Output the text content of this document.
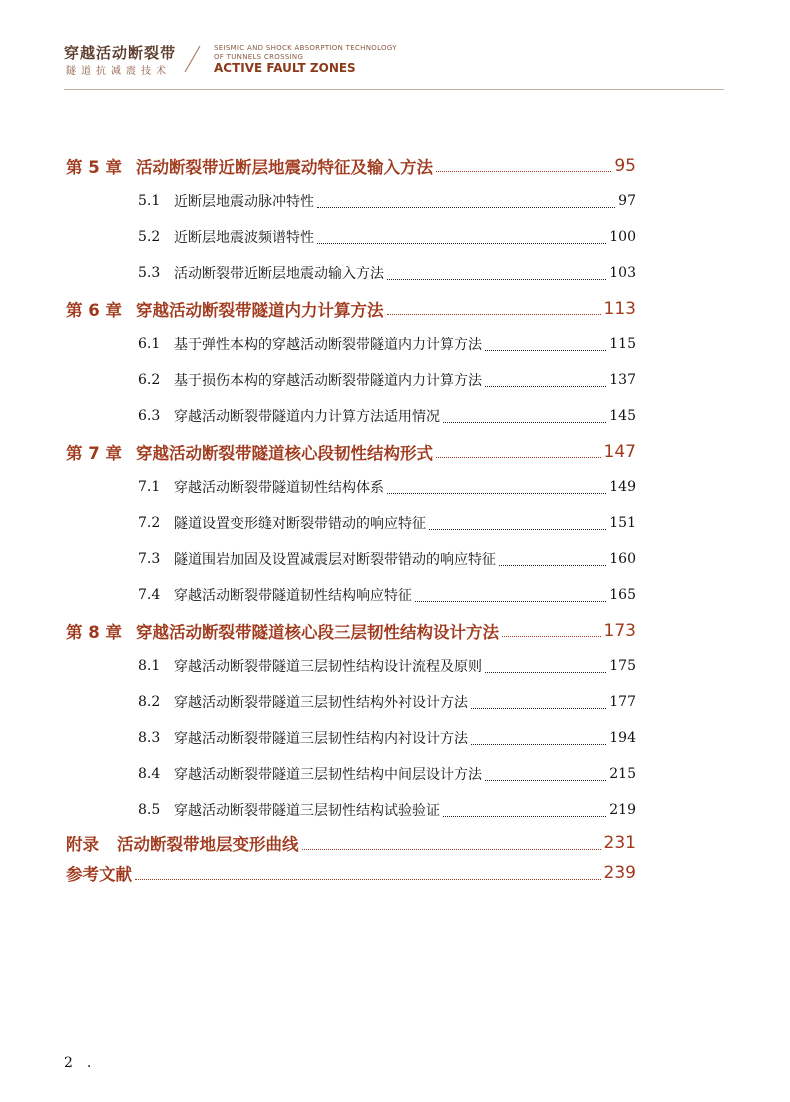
穿越活动断裂带
隧道抗减震技术
SEISMIC AND SHOCK ABSORPTION TECHNOLOGY
OF TUNNELS CROSSING
ACTIVE FAULT ZONES
第 5 章 活动断裂带近断层地震动特征及输入方法	95
5.1 近断层地震动脉冲特性	97
5.2 近断层地震波频谱特性	100
5.3 活动断裂带近断层地震动输入方法	103
第 6 章 穿越活动断裂带隧道内力计算方法	113
6.1 基于弹性本构的穿越活动断裂带隧道内力计算方法	115
6.2 基于损伤本构的穿越活动断裂带隧道内力计算方法	137
6.3 穿越活动断裂带隧道内力计算方法适用情况	145
第 7 章 穿越活动断裂带隧道核心段韧性结构形式	147
7.1 穿越活动断裂带隧道韧性结构体系	149
7.2 隧道设置变形缝对断裂带错动的响应特征	151
7.3 隧道围岩加固及设置减震层对断裂带错动的响应特征	160
7.4 穿越活动断裂带隧道韧性结构响应特征	165
第 8 章 穿越活动断裂带隧道核心段三层韧性结构设计方法	173
8.1 穿越活动断裂带隧道三层韧性结构设计流程及原则	175
8.2 穿越活动断裂带隧道三层韧性结构外衬设计方法	177
8.3 穿越活动断裂带隧道三层韧性结构内衬设计方法	194
8.4 穿越活动断裂带隧道三层韧性结构中间层设计方法	215
8.5 穿越活动断裂带隧道三层韧性结构试验验证	219
附录 活动断裂带地层变形曲线	231
参考文献	239
2 .
